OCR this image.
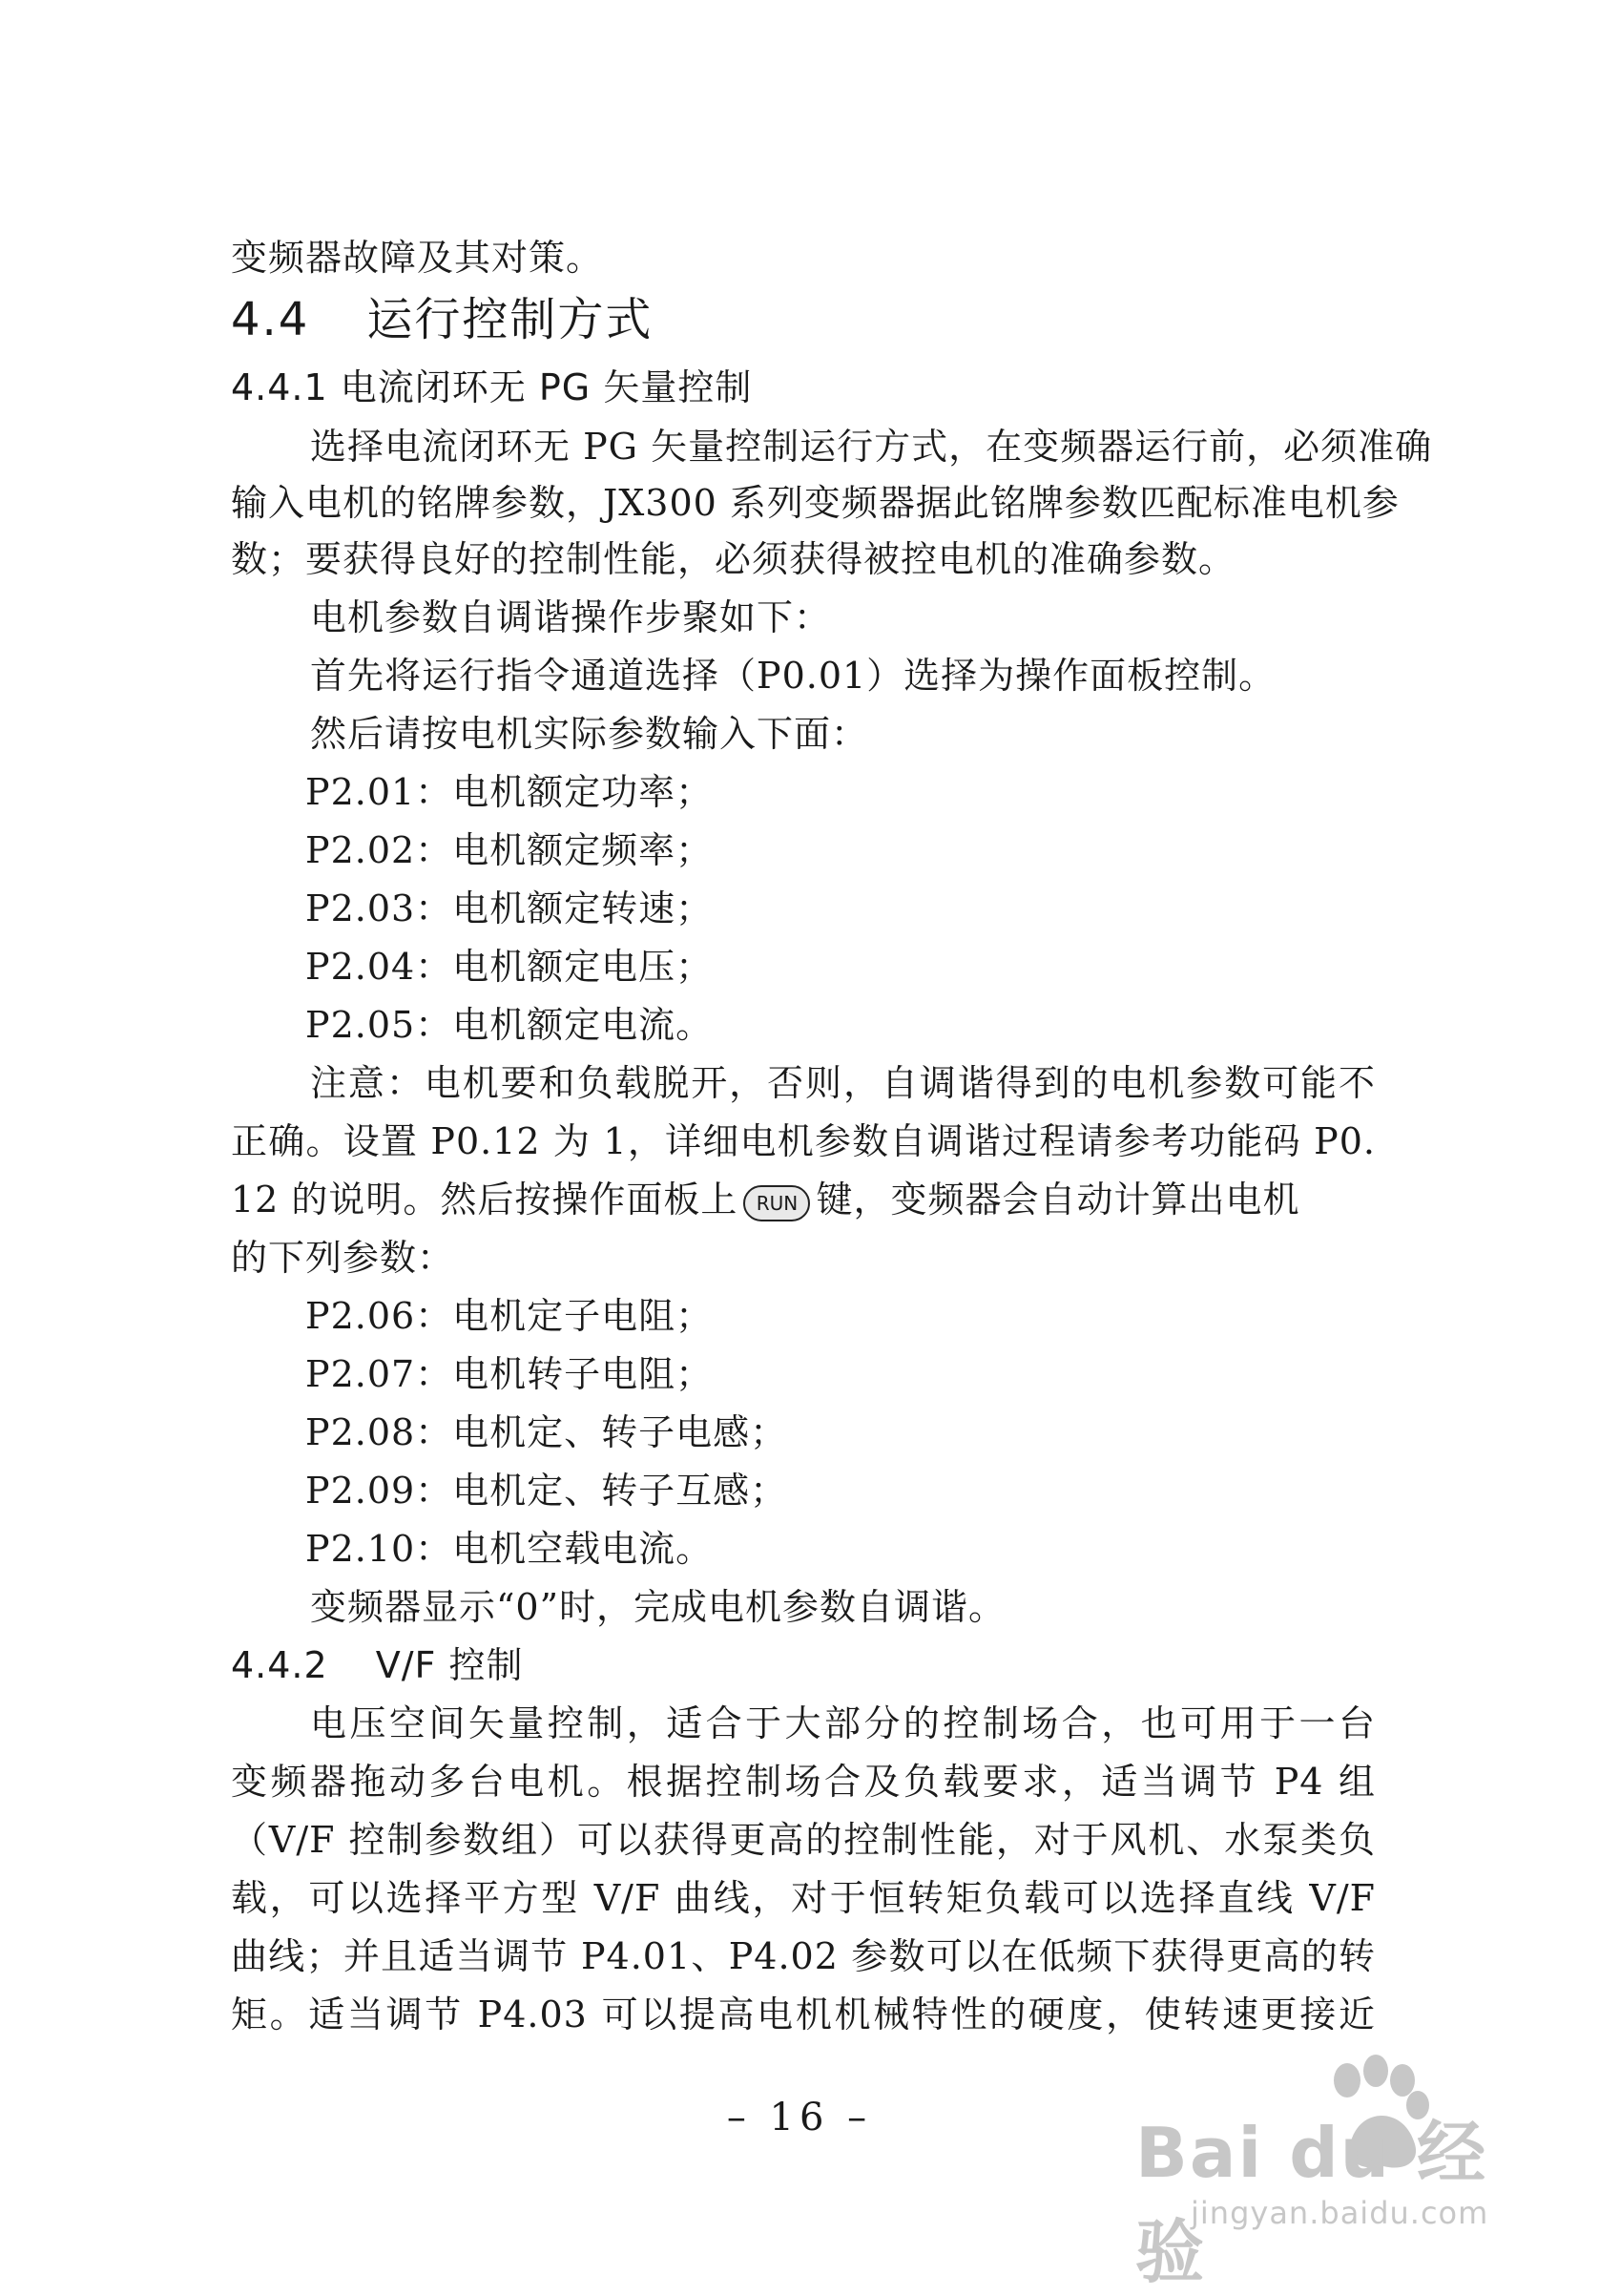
变频器故障及其对策。
4.4 运行控制方式
4.4.1 电流闭环无 PG 矢量控制
选择电流闭环无 PG 矢量控制运行方式，在变频器运行前，必须准确
输入电机的铭牌参数，JX300 系列变频器据此铭牌参数匹配标准电机参
数；要获得良好的控制性能，必须获得被控电机的准确参数。
电机参数自调谐操作步聚如下：
首先将运行指令通道选择（P0.01）选择为操作面板控制。
然后请按电机实际参数输入下面：
P2.01：电机额定功率；
P2.02：电机额定频率；
P2.03：电机额定转速；
P2.04：电机额定电压；
P2.05：电机额定电流。
注意：电机要和负载脱开，否则，自调谐得到的电机参数可能不
正确。设置 P0.12 为 1，详细电机参数自调谐过程请参考功能码 P0.
12 的说明。然后按操作面板上 RUN 键，变频器会自动计算出电机
的下列参数：
P2.06：电机定子电阻；
P2.07：电机转子电阻；
P2.08：电机定、转子电感；
P2.09：电机定、转子互感；
P2.10：电机空载电流。
变频器显示“0”时，完成电机参数自调谐。
4.4.2 V/F 控制
电压空间矢量控制，适合于大部分的控制场合，也可用于一台
变频器拖动多台电机。根据控制场合及负载要求，适当调节 P4 组
（V/F 控制参数组）可以获得更高的控制性能，对于风机、水泵类负
载，可以选择平方型 V/F 曲线，对于恒转矩负载可以选择直线 V/F
曲线；并且适当调节 P4.01、P4.02 参数可以在低频下获得更高的转
矩。适当调节 P4.03 可以提高电机机械特性的硬度，使转速更接近
– 16 –	Bai du 经验
jingyan.baidu.com
